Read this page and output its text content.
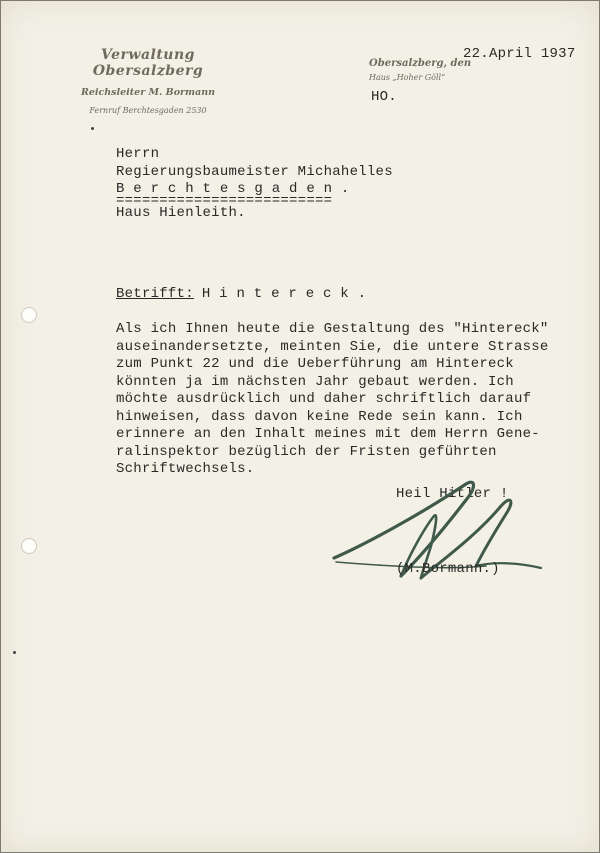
Verwaltung Obersalzberg
Reichsleiter M. Bormann
Fernruf Berchtesgaden 2530
Obersalzberg, den
Haus „Hoher Göll“
22.April 1937
HO.
Herrn
Regierungsbaumeister Michahelles
B e r c h t e s g a d e n .
=========================
Haus Hienleith.
Betrifft: H i n t e r e c k .
Als ich Ihnen heute die Gestaltung des "Hintereck"
auseinandersetzte, meinten Sie, die untere Strasse
zum Punkt 22 und die Ueberführung am Hintereck
könnten ja im nächsten Jahr gebaut werden. Ich
möchte ausdrücklich und daher schriftlich darauf
hinweisen, dass davon keine Rede sein kann. Ich
erinnere an den Inhalt meines mit dem Herrn Gene-
ralinspektor bezüglich der Fristen geführten
Schriftwechsels.
Heil Hitler !
(M.Bormann.)
